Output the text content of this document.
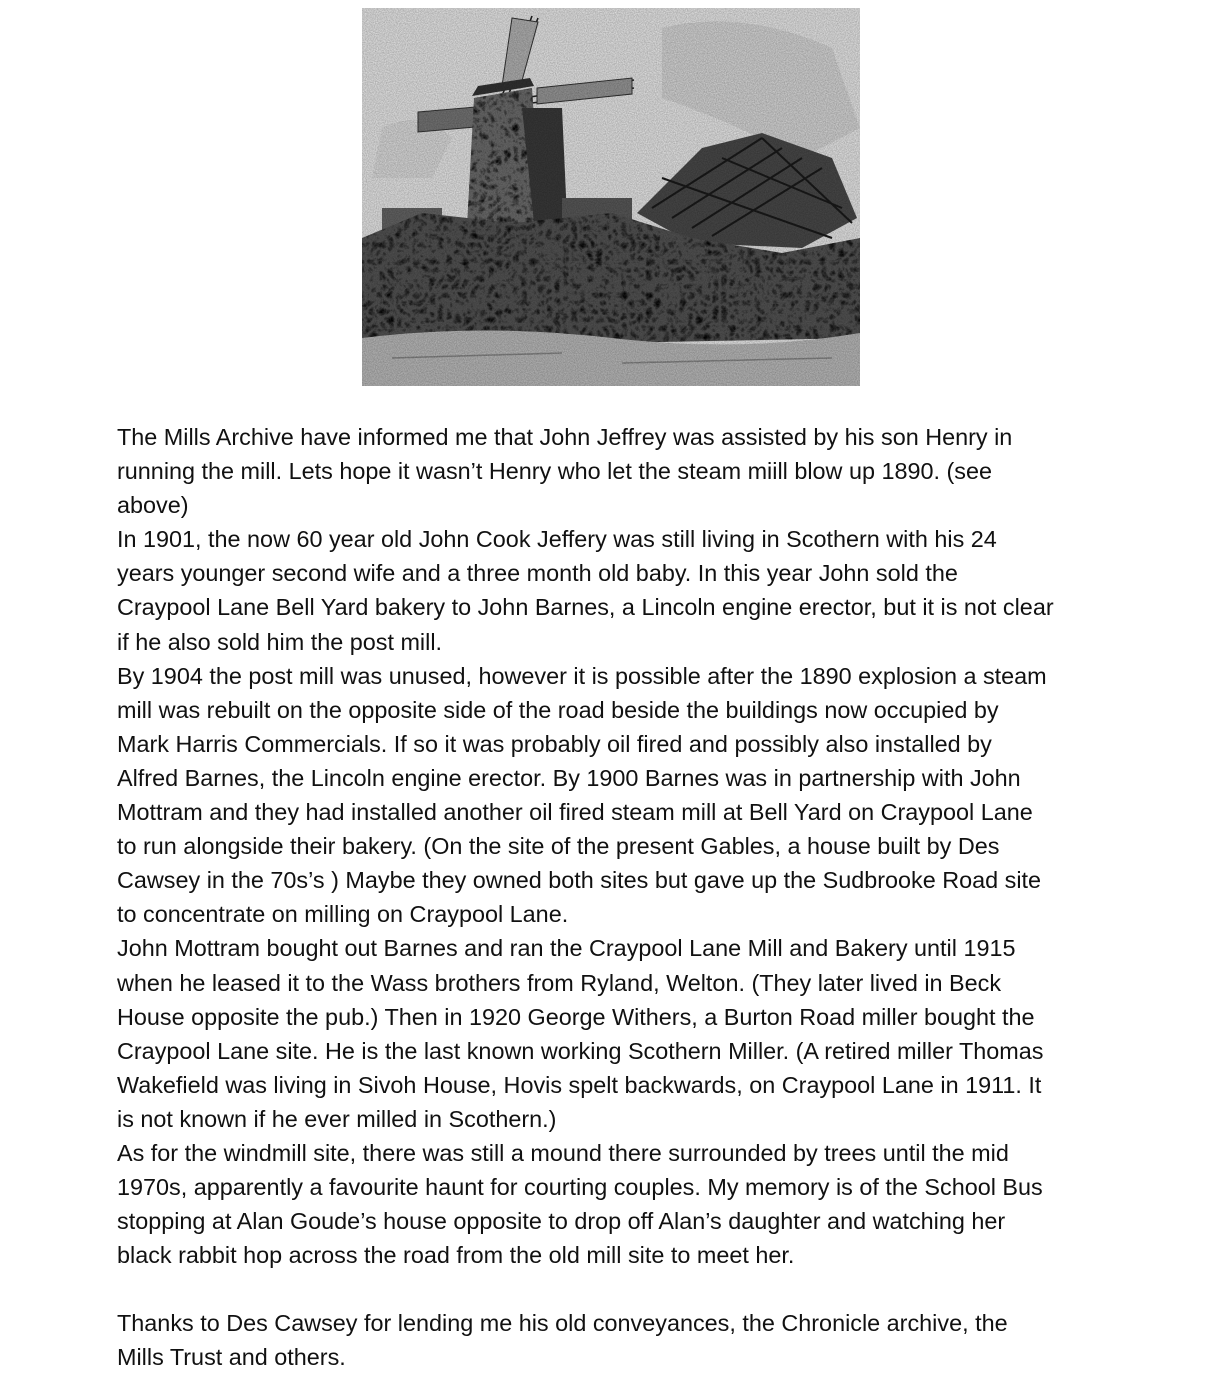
The Mills Archive have informed me that John Jeffrey was assisted by his son Henry in
running the mill. Lets hope it wasn’t Henry who let the steam miill blow up 1890. (see
above)

In 1901, the now 60 year old John Cook Jeffery was still living in Scothern with his 24
years younger second wife and a three month old baby. In this year John sold the
Craypool Lane Bell Yard bakery to John Barnes, a Lincoln engine erector, but it is not clear
if he also sold him the post mill.

By 1904 the post mill was unused, however it is possible after the 1890 explosion a steam
mill was rebuilt on the opposite side of the road beside the buildings now occupied by
Mark Harris Commercials. If so it was probably oil fired and possibly also installed by
Alfred Barnes, the Lincoln engine erector. By 1900 Barnes was in partnership with John
Mottram and they had installed another oil fired steam mill at Bell Yard on Craypool Lane
to run alongside their bakery. (On the site of the present Gables, a house built by Des
Cawsey in the 70s’s ) Maybe they owned both sites but gave up the Sudbrooke Road site
to concentrate on milling on Craypool Lane.

John Mottram bought out Barnes and ran the Craypool Lane Mill and Bakery until 1915
when he leased it to the Wass brothers from Ryland, Welton. (They later lived in Beck
House opposite the pub.) Then in 1920 George Withers, a Burton Road miller bought the
Craypool Lane site. He is the last known working Scothern Miller. (A retired miller Thomas
Wakefield was living in Sivoh House, Hovis spelt backwards, on Craypool Lane in 1911. It
is not known if he ever milled in Scothern.)

As for the windmill site, there was still a mound there surrounded by trees until the mid
1970s, apparently a favourite haunt for courting couples. My memory is of the School Bus
stopping at Alan Goude’s house opposite to drop off Alan’s daughter and watching her
black rabbit hop across the road from the old mill site to meet her.

Thanks to Des Cawsey for lending me his old conveyances, the Chronicle archive, the
Mills Trust and others.
